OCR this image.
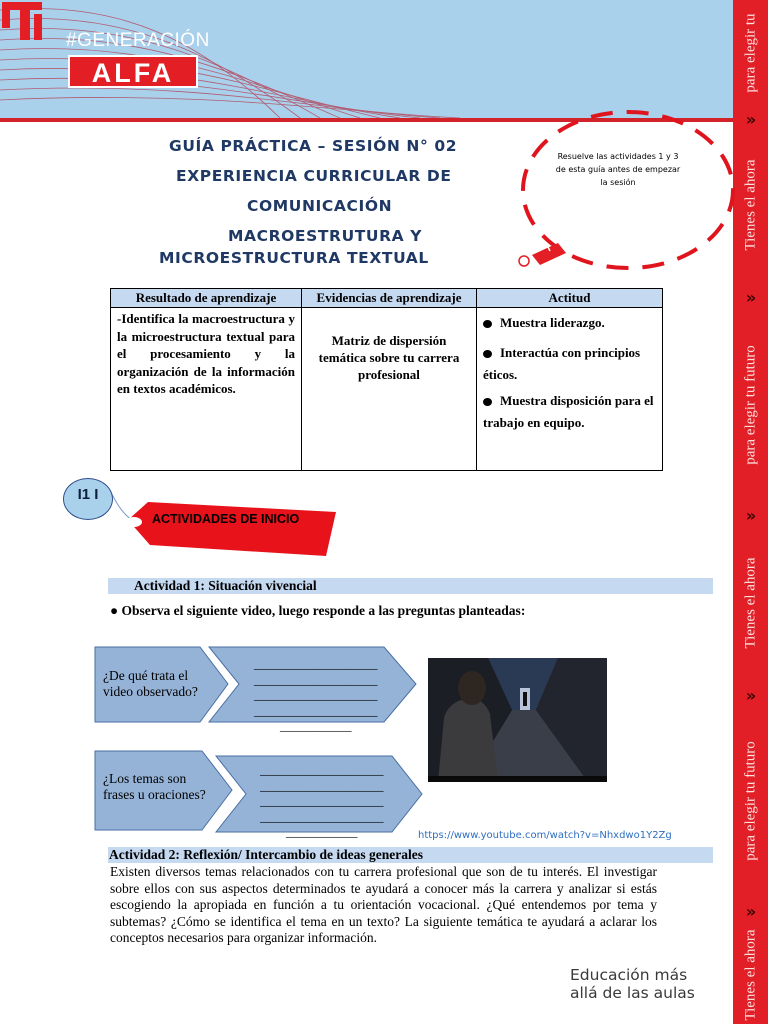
#GENERACIÓN
ALFA	para elegir tu
»
Tienes el ahora
»
para elegir tu futuro
»
Tienes el ahora
»
para elegir tu futuro
»
Tienes el ahora
GUÍA PRÁCTICA – SESIÓN N° 02
EXPERIENCIA CURRICULAR DE
COMUNICACIÓN
MACROESTRUTURA Y
MICROESTRUCTURA TEXTUAL
Resuelve las actividades 1 y 3 de esta guía antes de empezar la sesión
Resultado de aprendizaje	Evidencias de aprendizaje	Actitud
-Identifica la macroestructura y la microestructura textual para el procesamiento y la organización de la información en textos académicos.	Matriz de dispersión temática sobre tu carrera profesional	Muestra liderazgo.
Interactúa con principios éticos.
Muestra disposición para el trabajo en equipo.
I1 I
ACTIVIDADES DE INICIO
Actividad 1: Situación vivencial
● Observa el siguiente video, luego responde a las preguntas planteadas:
¿De qué trata el video observado?
___________________
___________________
___________________
___________________
___________
¿Los temas son frases u oraciones?
___________________
___________________
___________________
___________________
___________	https://www.youtube.com/watch?v=Nhxdwo1Y2Zg
Actividad 2: Reflexión/ Intercambio de ideas generales
Existen diversos temas relacionados con tu carrera profesional que son de tu interés. El investigar sobre ellos con sus aspectos determinados te ayudará a conocer más la carrera y analizar si estás escogiendo la apropiada en función a tu orientación vocacional. ¿Qué entendemos por tema y subtemas? ¿Cómo se identifica el tema en un texto? La siguiente temática te ayudará a aclarar los conceptos necesarios para organizar información.
Educación más
allá de las aulas
